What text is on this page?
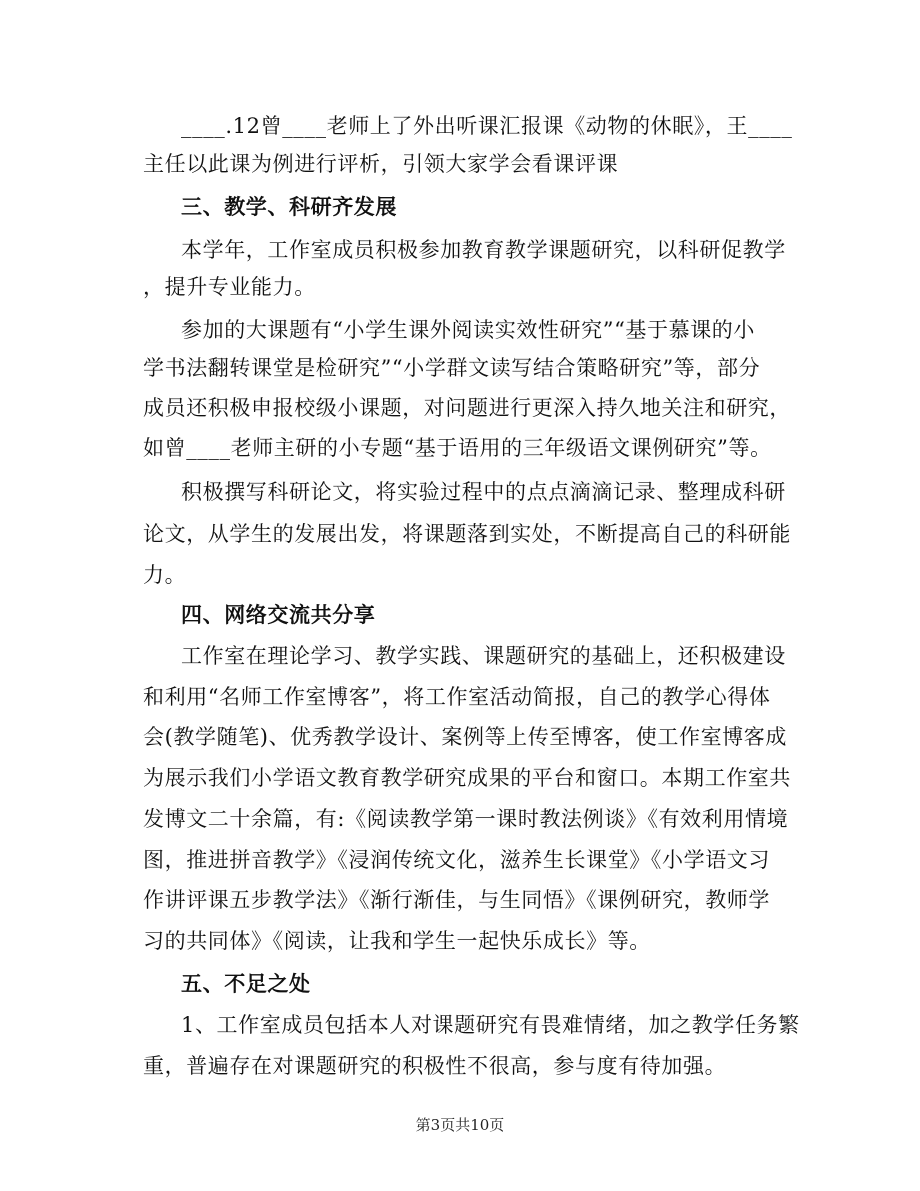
____.12曾____老师上了外出听课汇报课《动物的休眠》，王____
主任以此课为例进行评析，引领大家学会看课评课
三、教学、科研齐发展
本学年，工作室成员积极参加教育教学课题研究，以科研促教学
，提升专业能力。
参加的大课题有“小学生课外阅读实效性研究”“基于慕课的小
学书法翻转课堂是检研究”“小学群文读写结合策略研究”等，部分
成员还积极申报校级小课题，对问题进行更深入持久地关注和研究，
如曾____老师主研的小专题“基于语用的三年级语文课例研究”等。
积极撰写科研论文，将实验过程中的点点滴滴记录、整理成科研
论文，从学生的发展出发，将课题落到实处，不断提高自己的科研能
力。
四、网络交流共分享
工作室在理论学习、教学实践、课题研究的基础上，还积极建设
和利用“名师工作室博客”，将工作室活动简报，自己的教学心得体
会(教学随笔)、优秀教学设计、案例等上传至博客，使工作室博客成
为展示我们小学语文教育教学研究成果的平台和窗口。本期工作室共
发博文二十余篇，有:《阅读教学第一课时教法例谈》《有效利用情境
图，推进拼音教学》《浸润传统文化，滋养生长课堂》《小学语文习
作讲评课五步教学法》《渐行渐佳，与生同悟》《课例研究，教师学
习的共同体》《阅读，让我和学生一起快乐成长》等。
五、不足之处
1、工作室成员包括本人对课题研究有畏难情绪，加之教学任务繁
重，普遍存在对课题研究的积极性不很高，参与度有待加强。
第3页共10页
